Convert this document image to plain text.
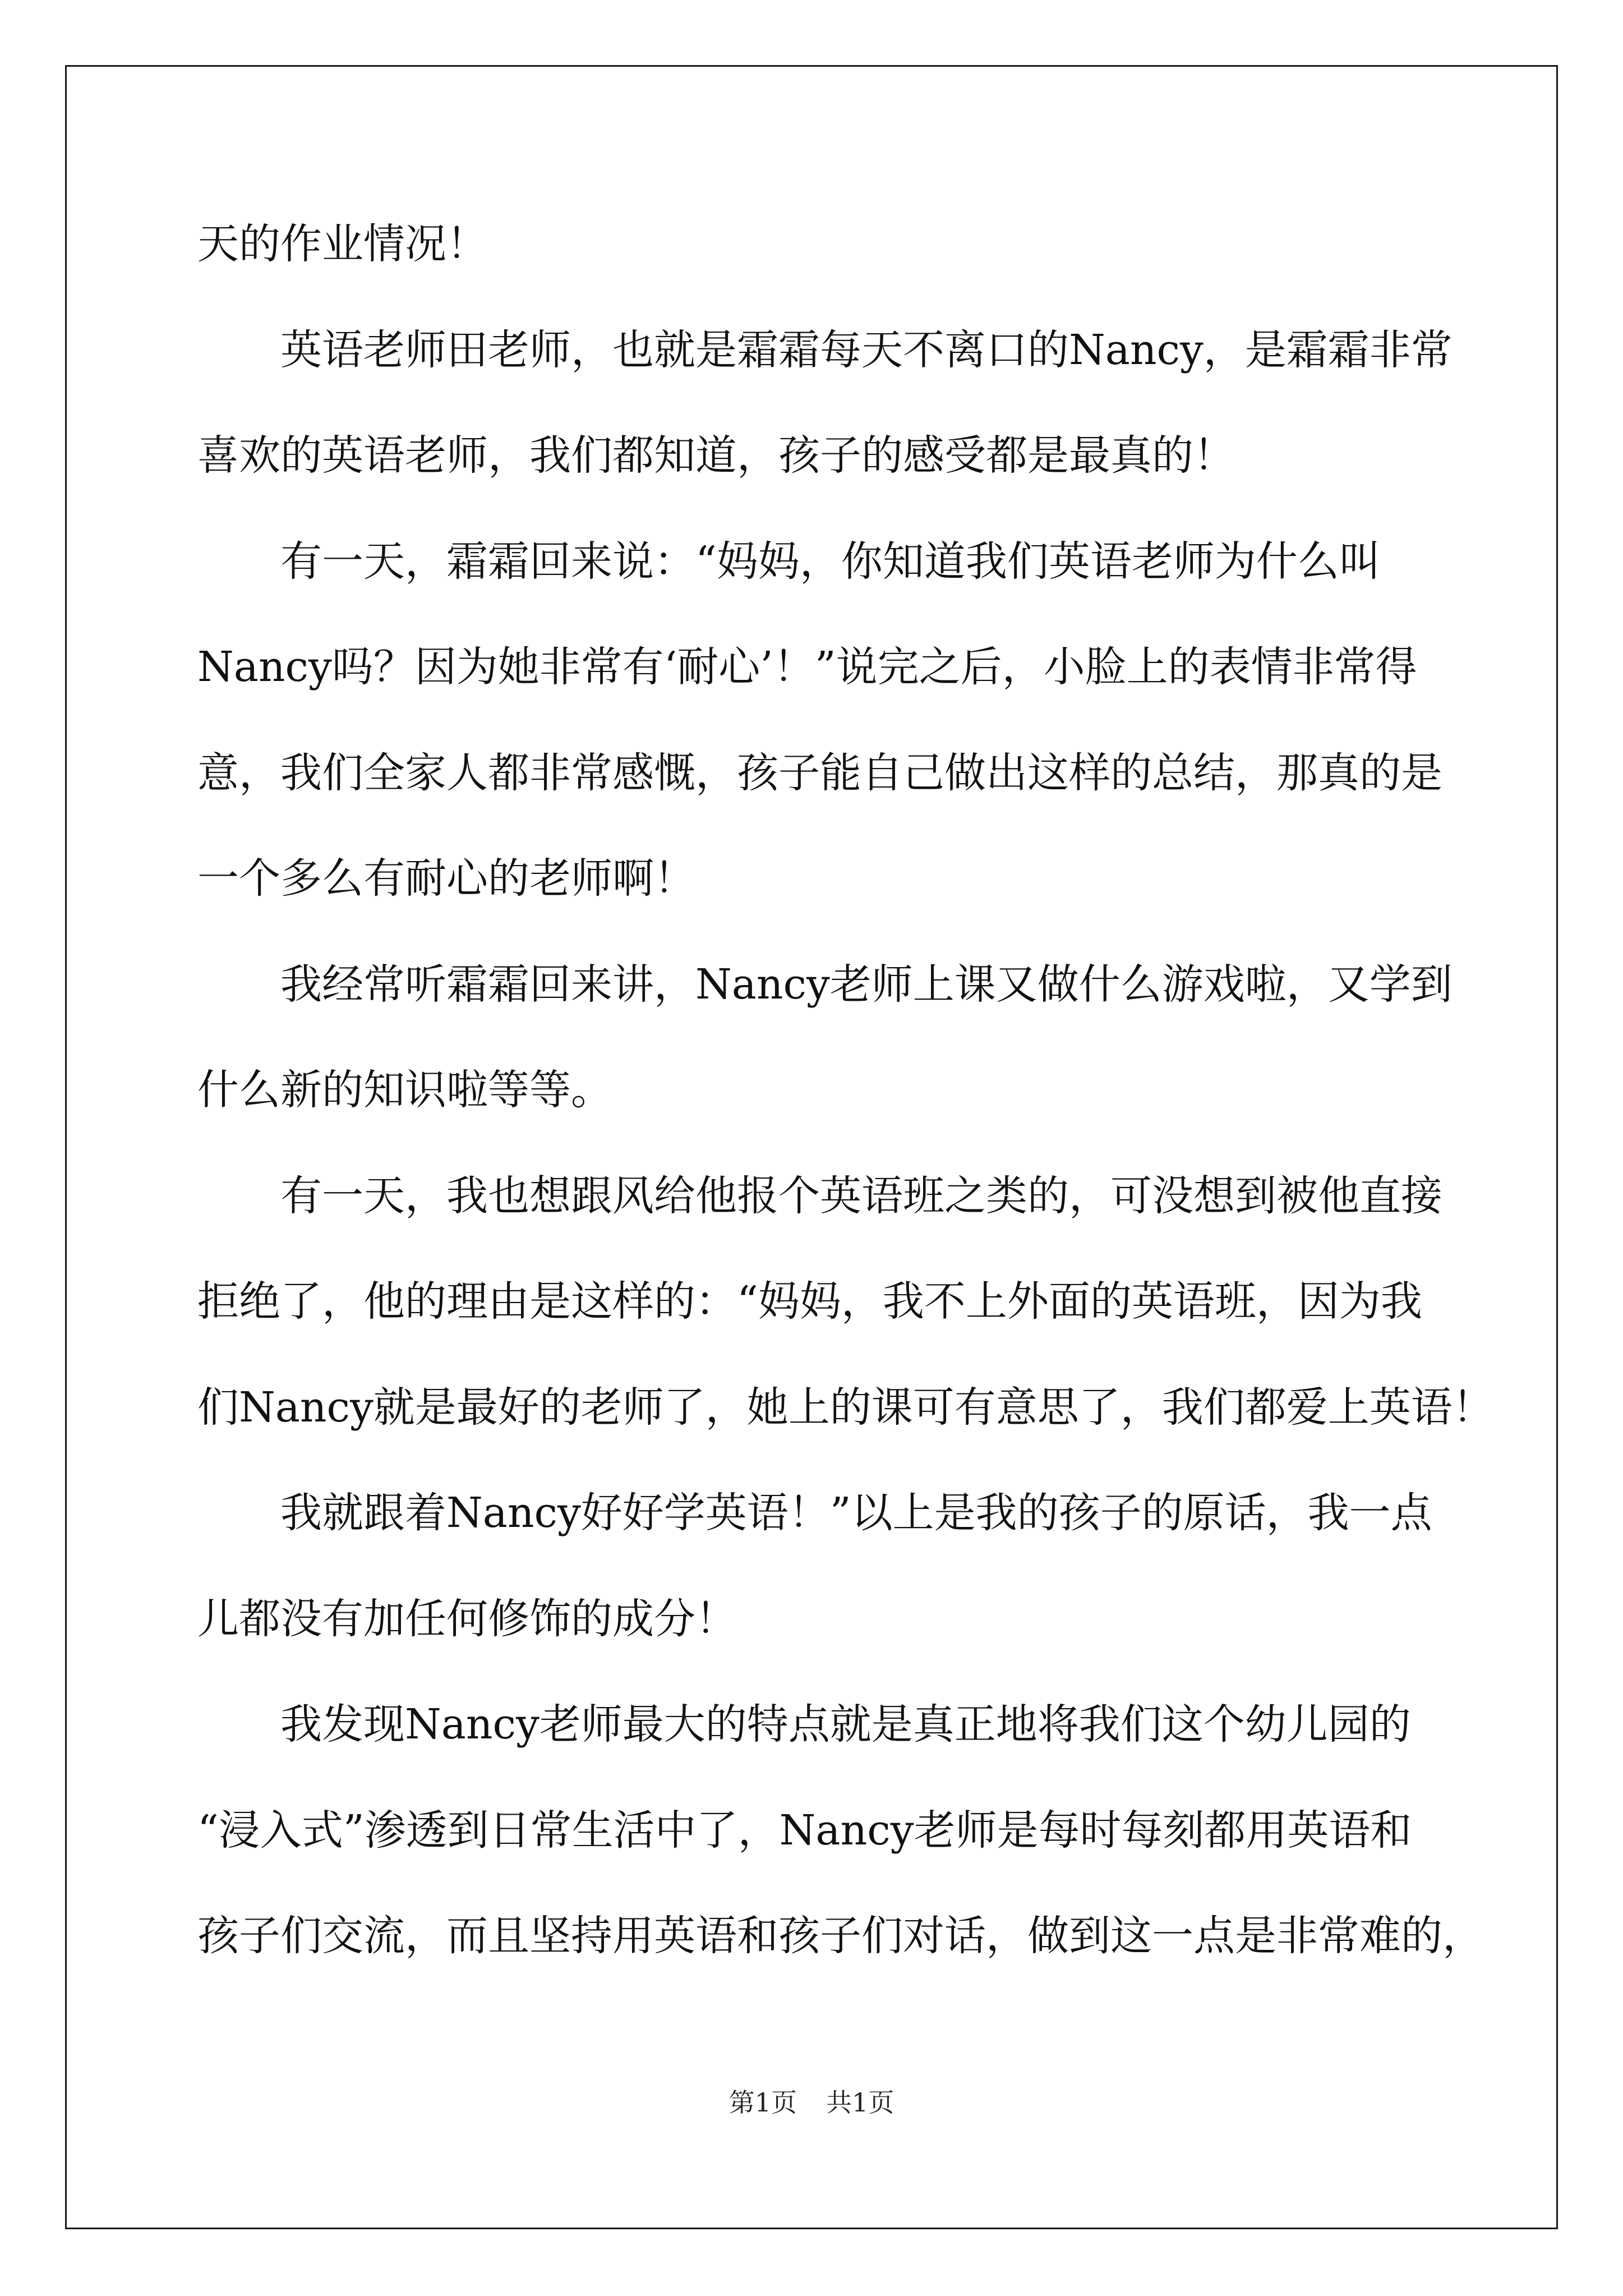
天的作业情况！
英语老师田老师，也就是霜霜每天不离口的Nancy，是霜霜非常
喜欢的英语老师，我们都知道，孩子的感受都是最真的！
有一天，霜霜回来说：“妈妈，你知道我们英语老师为什么叫
Nancy吗？因为她非常有‘耐心’！”说完之后，小脸上的表情非常得
意，我们全家人都非常感慨，孩子能自己做出这样的总结，那真的是
一个多么有耐心的老师啊！
我经常听霜霜回来讲，Nancy老师上课又做什么游戏啦，又学到
什么新的知识啦等等。
有一天，我也想跟风给他报个英语班之类的，可没想到被他直接
拒绝了，他的理由是这样的：“妈妈，我不上外面的英语班，因为我
们Nancy就是最好的老师了，她上的课可有意思了，我们都爱上英语！
我就跟着Nancy好好学英语！”以上是我的孩子的原话，我一点
儿都没有加任何修饰的成分！
我发现Nancy老师最大的特点就是真正地将我们这个幼儿园的
“浸入式”渗透到日常生活中了，Nancy老师是每时每刻都用英语和
孩子们交流，而且坚持用英语和孩子们对话，做到这一点是非常难的，
第1页 共1页
